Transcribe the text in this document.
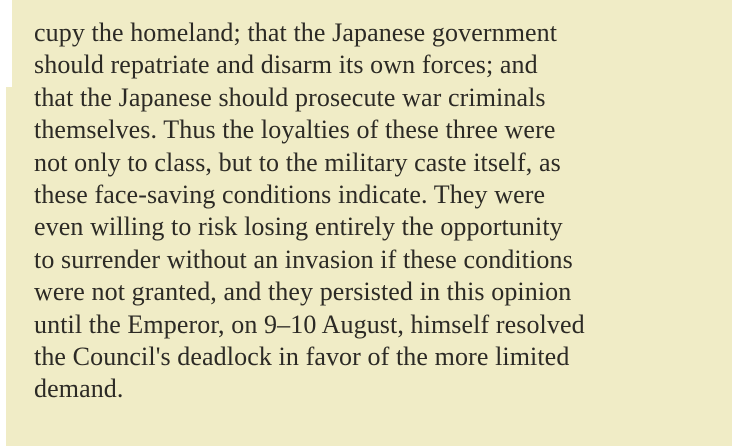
cupy the homeland; that the Japanese government
should repatriate and disarm its own forces; and
that the Japanese should prosecute war criminals
themselves. Thus the loyalties of these three were
not only to class, but to the military caste itself, as
these face-saving conditions indicate. They were
even willing to risk losing entirely the opportunity
to surrender without an invasion if these conditions
were not granted, and they persisted in this opinion
until the Emperor, on 9–10 August, himself resolved
the Council's deadlock in favor of the more limited
demand.
